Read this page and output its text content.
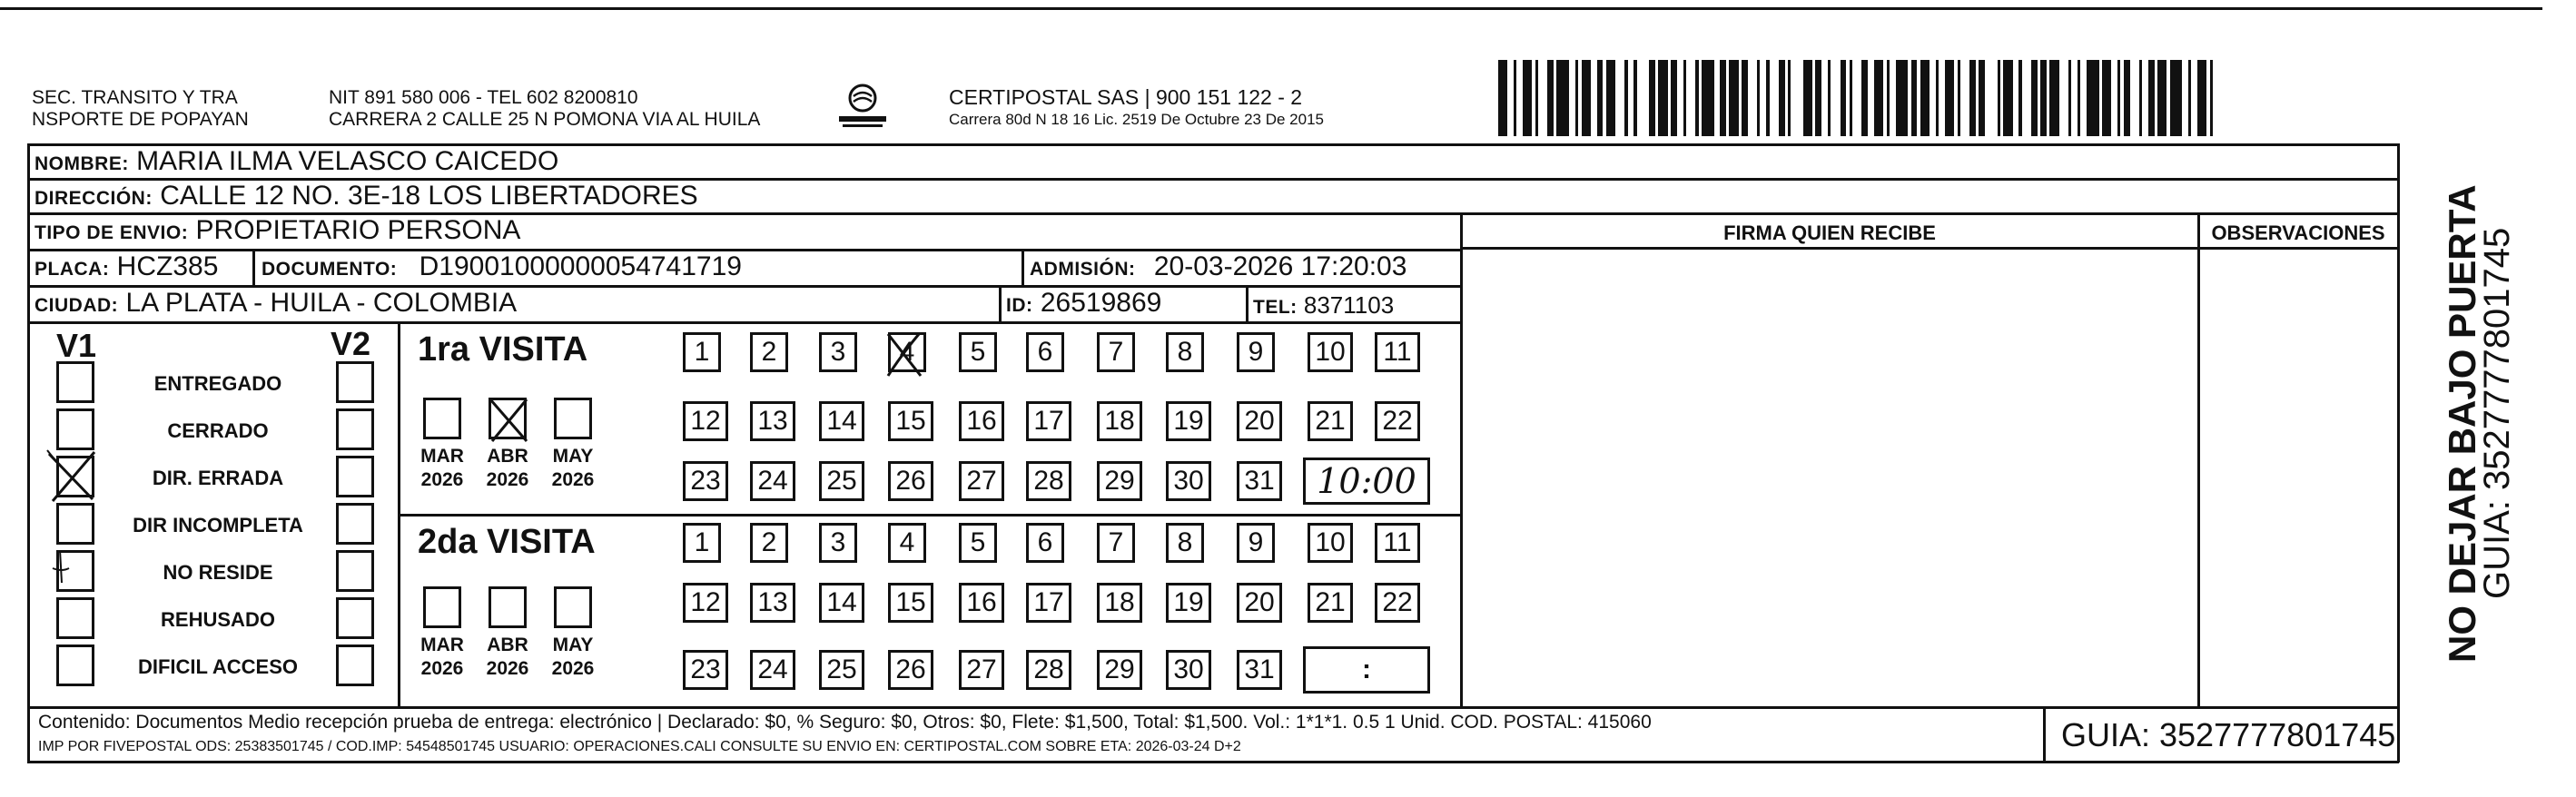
SEC. TRANSITO Y TRA
NSPORTE DE POPAYAN
NIT 891 580 006 - TEL 602 8200810
CARRERA 2 CALLE 25 N POMONA VIA AL HUILA
CERTIPOSTAL SAS | 900 151 122 - 2
Carrera 80d N 18 16 Lic. 2519 De Octubre 23 De 2015
NOMBRE: MARIA ILMA VELASCO CAICEDO
DIRECCIÓN: CALLE 12 NO. 3E-18 LOS LIBERTADORES
TIPO DE ENVIO: PROPIETARIO PERSONA	FIRMA QUIEN RECIBE	OBSERVACIONES
PLACA: HCZ385 DOCUMENTO: D19001000000054741719	ADMISIÓN: 20-03-2026 17:20:03
CIUDAD: LA PLATA - HUILA - COLOMBIA	ID: 26519869	TEL: 8371103
V1	V2
ENTREGADO
CERRADO
DIR. ERRADA
DIR INCOMPLETA
NO RESIDE
REHUSADO
DIFICIL ACCESO
1ra VISITA	1	2	3	4	5	6	7	8	9	10	11
12 13 14 15 16 17 18 19 20 21 22
23 24 25 26 27 28 29 30 31
MAR
2026
ABR
2026
MAY
2026	10:00
2da VISITA	1	2	3	4	5	6	7	8	9	10	11
12 13 14 15 16 17 18 19 20 21 22
23 24 25 26 27 28 29 30 31
MAR
2026
ABR
2026
MAY
2026	:
Contenido: Documentos Medio recepción prueba de entrega: electrónico | Declarado: $0, % Seguro: $0, Otros: $0, Flete: $1,500, Total: $1,500. Vol.: 1*1*1. 0.5 1 Unid. COD. POSTAL: 415060
IMP POR FIVEPOSTAL ODS: 25383501745 / COD.IMP: 54548501745 USUARIO: OPERACIONES.CALI CONSULTE SU ENVIO EN: CERTIPOSTAL.COM SOBRE ETA: 2026-03-24 D+2	GUIA: 3527777801745
NO DEJAR BAJO PUERTA
GUIA: 3527777801745
